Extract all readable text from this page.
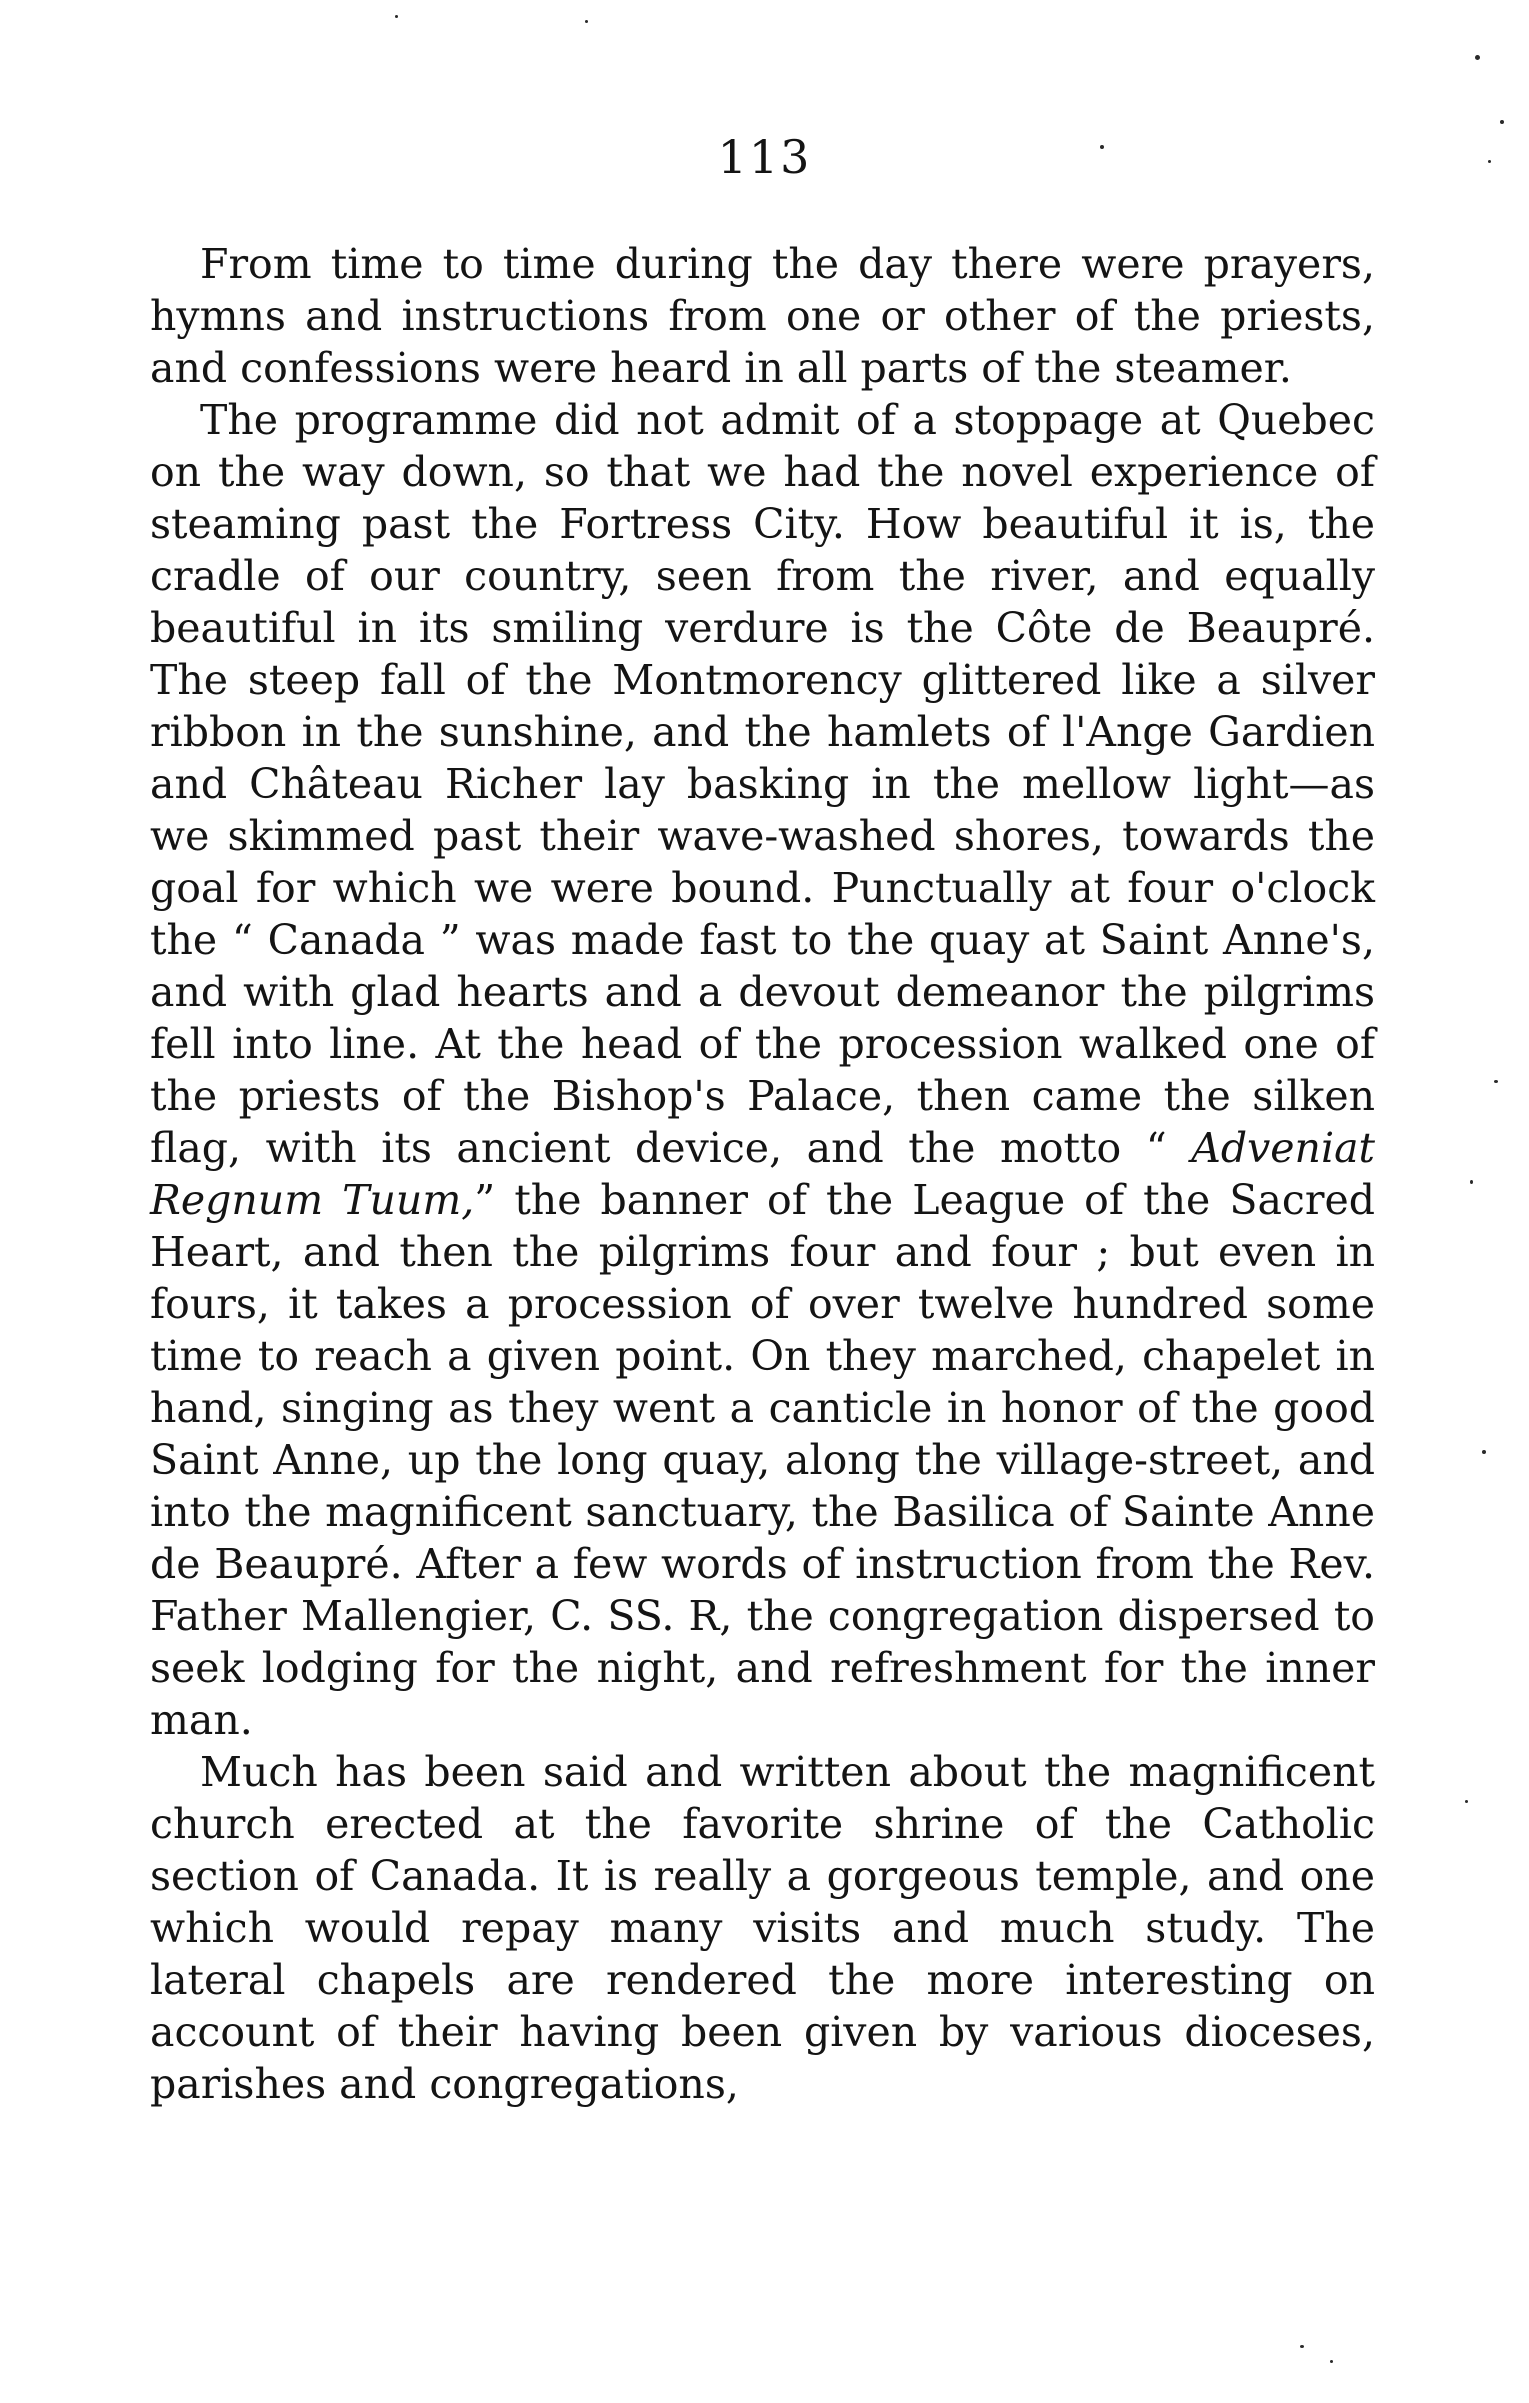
113

From time to time during the day there were prayers, hymns and instructions from one or other of the priests, and confessions were heard in all parts of the steamer.

The programme did not admit of a stoppage at Quebec on the way down, so that we had the novel experience of steaming past the Fortress City. How beautiful it is, the cradle of our country, seen from the river, and equally beautiful in its smiling verdure is the Côte de Beaupré. The steep fall of the Montmorency glittered like a silver ribbon in the sunshine, and the hamlets of l'Ange Gardien and Château Richer lay basking in the mellow light—as we skimmed past their wave-washed shores, towards the goal for which we were bound. Punctually at four o'clock the “ Canada ” was made fast to the quay at Saint Anne's, and with glad hearts and a devout demeanor the pilgrims fell into line. At the head of the procession walked one of the priests of the Bishop's Palace, then came the silken flag, with its ancient device, and the motto “ Adveniat Regnum Tuum,” the banner of the League of the Sacred Heart, and then the pilgrims four and four ; but even in fours, it takes a procession of over twelve hundred some time to reach a given point. On they marched, chapelet in hand, singing as they went a canticle in honor of the good Saint Anne, up the long quay, along the village-street, and into the magnificent sanctuary, the Basilica of Sainte Anne de Beaupré. After a few words of instruction from the Rev. Father Mallengier, C. SS. R, the congregation dispersed to seek lodging for the night, and refreshment for the inner man.

Much has been said and written about the magnificent church erected at the favorite shrine of the Catholic section of Canada. It is really a gorgeous temple, and one which would repay many visits and much study. The lateral chapels are rendered the more interesting on account of their having been given by various dioceses, parishes and congregations,
